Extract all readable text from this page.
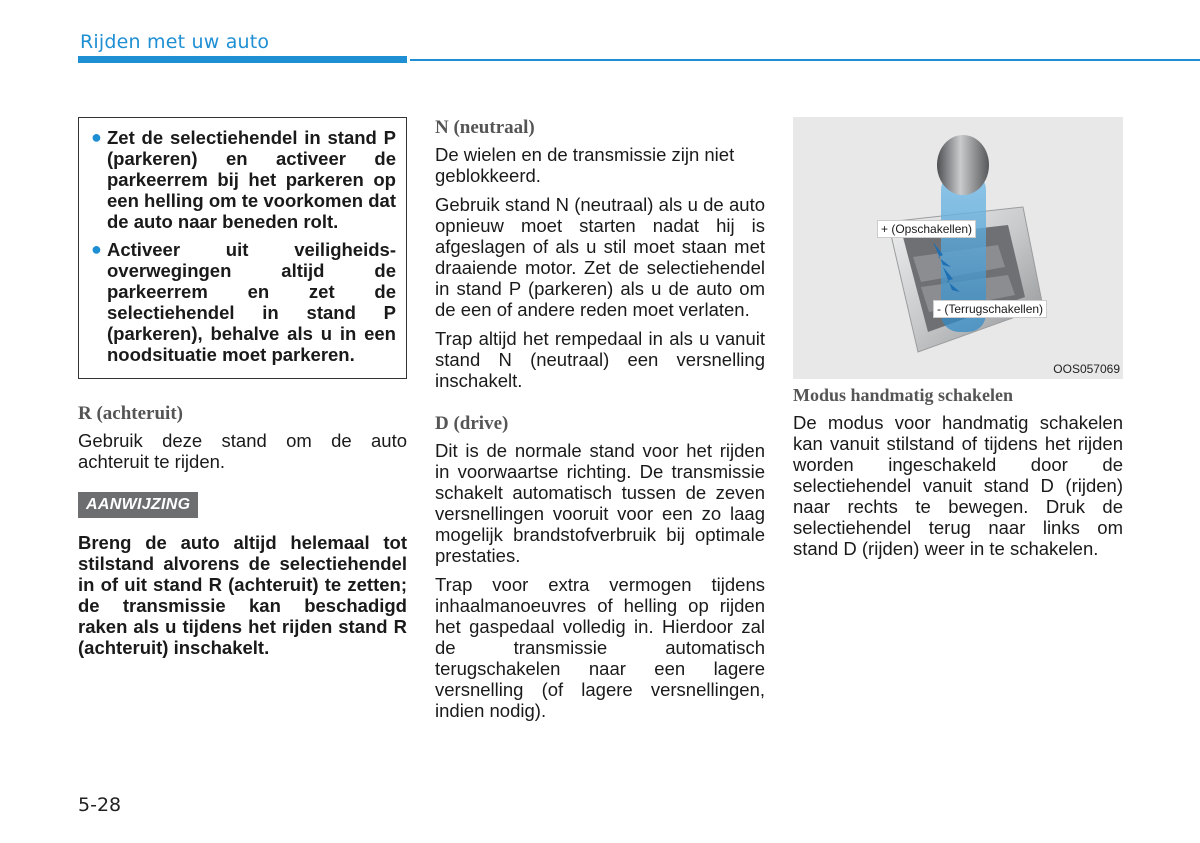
Rijden met uw auto
● Zet de selectiehendel in stand P (parkeren) en activeer de parkeerrem bij het parkeren op een helling om te voorkomen dat de auto naar beneden rolt.
● Activeer uit veiligheids-overwegingen altijd de parkeerrem en zet de selectiehendel in stand P (parkeren), behalve als u in een noodsituatie moet parkeren.
R (achteruit)

Gebruik deze stand om de auto achteruit te rijden.

AANWIJZING
Breng de auto altijd helemaal tot stilstand alvorens de selectiehendel in of uit stand R (achteruit) te zetten; de transmissie kan beschadigd raken als u tijdens het rijden stand R (achteruit) inschakelt.
N (neutraal)

De wielen en de transmissie zijn niet geblokkeerd.

Gebruik stand N (neutraal) als u de auto opnieuw moet starten nadat hij is afgeslagen of als u stil moet staan met draaiende motor. Zet de selectiehendel in stand P (parkeren) als u de auto om de een of andere reden moet verlaten.

Trap altijd het rempedaal in als u vanuit stand N (neutraal) een versnelling inschakelt.

D (drive)

Dit is de normale stand voor het rijden in voorwaartse richting. De transmissie schakelt automatisch tussen de zeven versnellingen vooruit voor een zo laag mogelijk brandstofverbruik bij optimale prestaties.

Trap voor extra vermogen tijdens inhaalmanoeuvres of helling op rijden het gaspedaal volledig in. Hierdoor zal de transmissie automatisch terugschakelen naar een lagere versnelling (of lagere versnellingen, indien nodig).

+ (Opschakellen)
- (Terrugschakellen)
OOS057069
Modus handmatig schakelen

De modus voor handmatig schakelen kan vanuit stilstand of tijdens het rijden worden ingeschakeld door de selectiehendel vanuit stand D (rijden) naar rechts te bewegen. Druk de selectiehendel terug naar links om stand D (rijden) weer in te schakelen.

5-28
